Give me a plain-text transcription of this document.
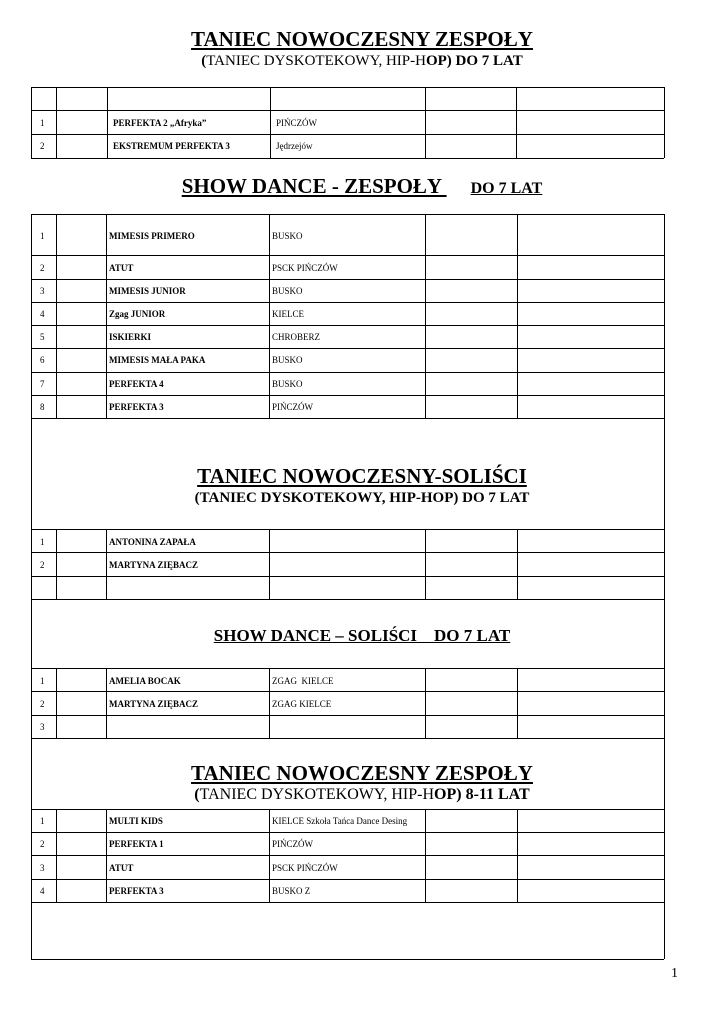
TANIEC NOWOCZESNY ZESPOŁY
(TANIEC DYSKOTEKOWY, HIP-HOP) DO 7 LAT
1	PERFEKTA 2 „Afryka”	PIŃCZÓW
2	EKSTREMUM PERFEKTA 3	Jędrzejów
SHOW DANCE - ZESPOŁY DO 7 LAT
1	MIMESIS PRIMERO	BUSKO
2	ATUT	PSCK PIŃCZÓW
3	MIMESIS JUNIOR	BUSKO
4	Zgag JUNIOR	KIELCE
5	ISKIERKI	CHROBERZ
6	MIMESIS MAŁA PAKA	BUSKO
7	PERFEKTA 4	BUSKO
8	PERFEKTA 3	PIŃCZÓW
TANIEC NOWOCZESNY-SOLIŚCI
(TANIEC DYSKOTEKOWY, HIP-HOP) DO 7 LAT
1	ANTONINA ZAPAŁA
2	MARTYNA ZIĘBACZ
SHOW DANCE – SOLIŚCI    DO 7 LAT
1	AMELIA BOCAK	ZGAG  KIELCE
2	MARTYNA ZIĘBACZ	ZGAG KIELCE
3
TANIEC NOWOCZESNY ZESPOŁY
(TANIEC DYSKOTEKOWY, HIP-HOP) 8-11 LAT
1	MULTI KIDS	KIELCE Szkoła Tańca Dance Desing
2	PERFEKTA 1	PIŃCZÓW
3	ATUT	PSCK PIŃCZÓW
4	PERFEKTA 3	BUSKO Z
1
